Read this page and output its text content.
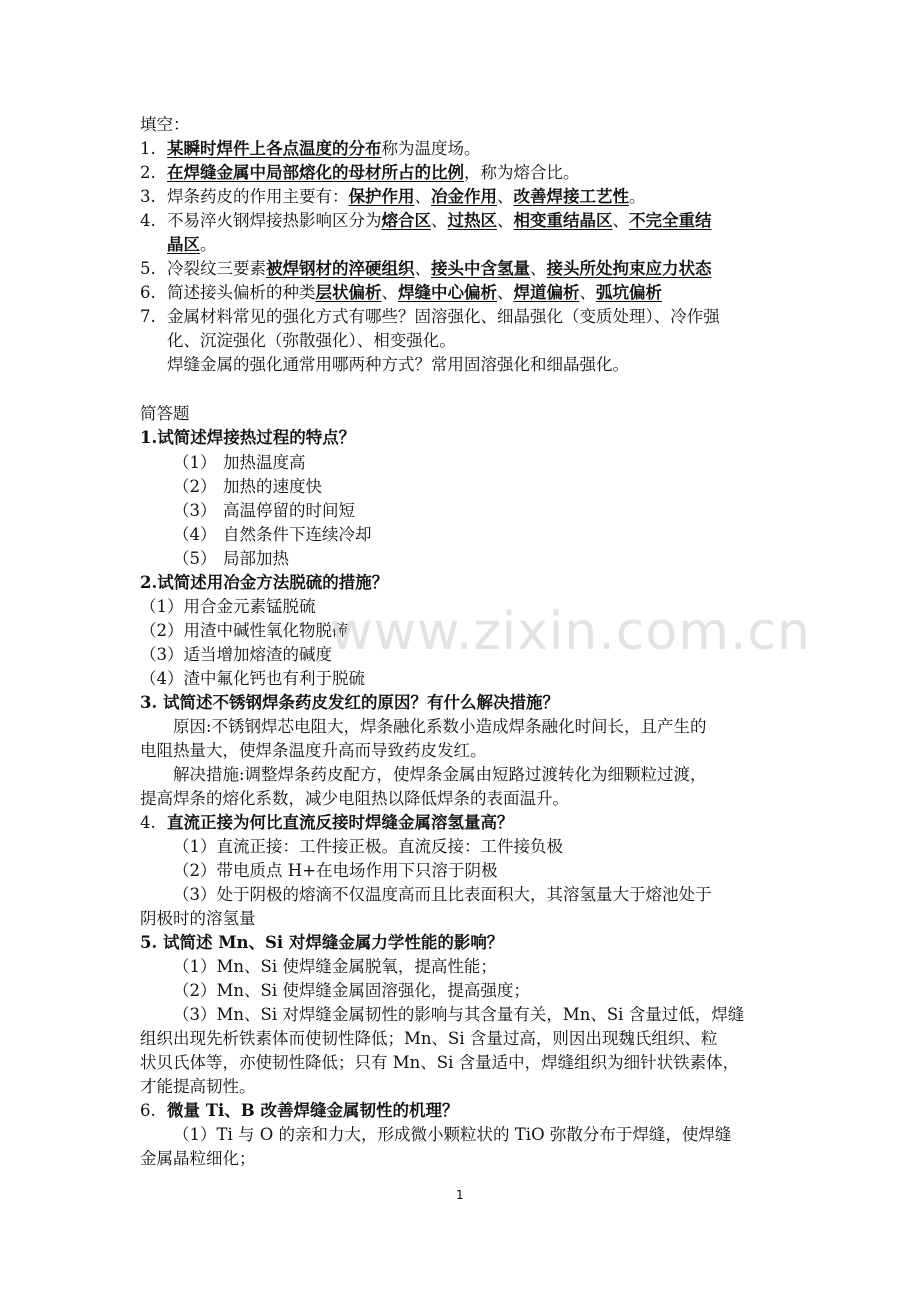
填空：
1. 某瞬时焊件上各点温度的分布称为温度场。
2. 在焊缝金属中局部熔化的母材所占的比例，称为熔合比。
3. 焊条药皮的作用主要有：保护作用、冶金作用、改善焊接工艺性。
4. 不易淬火钢焊接热影响区分为熔合区、过热区、相变重结晶区、不完全重结
晶区。
5. 冷裂纹三要素被焊钢材的淬硬组织、接头中含氢量、接头所处拘束应力状态
6. 简述接头偏析的种类层状偏析、焊缝中心偏析、焊道偏析、弧坑偏析
7. 金属材料常见的强化方式有哪些？固溶强化、细晶强化（变质处理）、冷作强
化、沉淀强化（弥散强化）、相变强化。
焊缝金属的强化通常用哪两种方式？常用固溶强化和细晶强化。
简答题
1.试简述焊接热过程的特点？
（1） 加热温度高
（2） 加热的速度快
（3） 高温停留的时间短
（4） 自然条件下连续冷却
（5） 局部加热
2.试简述用冶金方法脱硫的措施？
（1）用合金元素锰脱硫
（2）用渣中碱性氧化物脱硫
（3）适当增加熔渣的碱度
（4）渣中氟化钙也有利于脱硫
3. 试简述不锈钢焊条药皮发红的原因？有什么解决措施？
原因:不锈钢焊芯电阻大，焊条融化系数小造成焊条融化时间长，且产生的
电阻热量大，使焊条温度升高而导致药皮发红。
解决措施:调整焊条药皮配方，使焊条金属由短路过渡转化为细颗粒过渡，
提高焊条的熔化系数，减少电阻热以降低焊条的表面温升。
4. 直流正接为何比直流反接时焊缝金属溶氢量高？
（1）直流正接：工件接正极。直流反接：工件接负极
（2）带电质点 H+在电场作用下只溶于阴极
（3）处于阴极的熔滴不仅温度高而且比表面积大，其溶氢量大于熔池处于
阴极时的溶氢量
5. 试简述 Mn、Si 对焊缝金属力学性能的影响？
（1）Mn、Si 使焊缝金属脱氧，提高性能；
（2）Mn、Si 使焊缝金属固溶强化，提高强度；
（3）Mn、Si 对焊缝金属韧性的影响与其含量有关，Mn、Si 含量过低，焊缝
组织出现先析铁素体而使韧性降低；Mn、Si 含量过高，则因出现魏氏组织、粒
状贝氏体等，亦使韧性降低；只有 Mn、Si 含量适中，焊缝组织为细针状铁素体，
才能提高韧性。
6. 微量 Ti、B 改善焊缝金属韧性的机理？
（1）Ti 与 O 的亲和力大，形成微小颗粒状的 TiO 弥散分布于焊缝，使焊缝
金属晶粒细化；
www.zixin.com.cn
1
